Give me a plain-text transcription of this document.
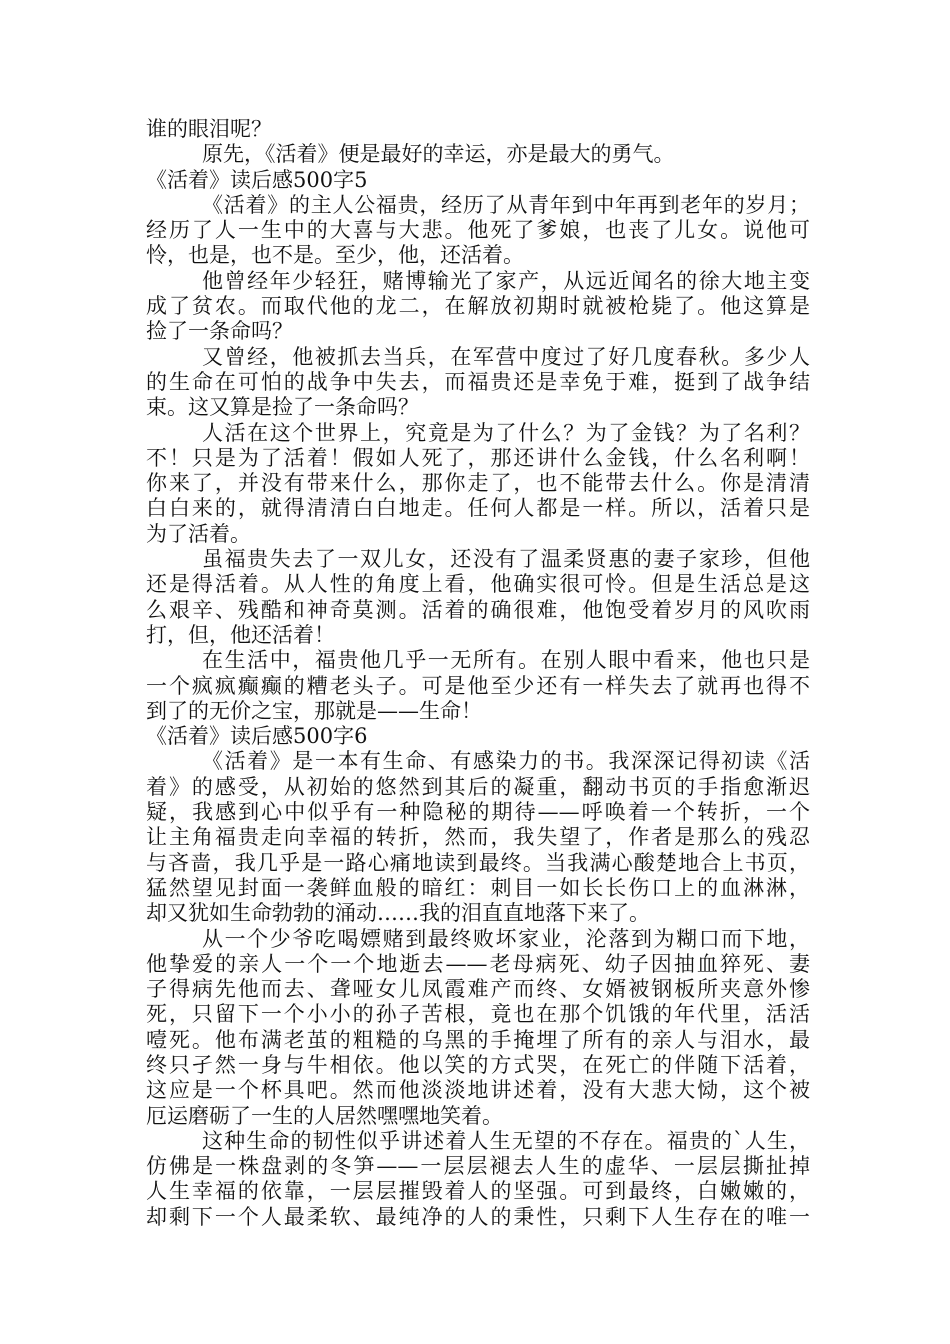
谁的眼泪呢？
原先，《活着》便是最好的幸运，亦是最大的勇气。
《活着》读后感500字5
《活着》的主人公福贵，经历了从青年到中年再到老年的岁月；
经历了人一生中的大喜与大悲。他死了爹娘，也丧了儿女。说他可
怜，也是，也不是。至少，他，还活着。
他曾经年少轻狂，赌博输光了家产，从远近闻名的徐大地主变
成了贫农。而取代他的龙二，在解放初期时就被枪毙了。他这算是
捡了一条命吗？
又曾经，他被抓去当兵，在军营中度过了好几度春秋。多少人
的生命在可怕的战争中失去，而福贵还是幸免于难，挺到了战争结
束。这又算是捡了一条命吗？
人活在这个世界上，究竟是为了什么？为了金钱？为了名利？
不！只是为了活着！假如人死了，那还讲什么金钱，什么名利啊！
你来了，并没有带来什么，那你走了，也不能带去什么。你是清清
白白来的，就得清清白白地走。任何人都是一样。所以，活着只是
为了活着。
虽福贵失去了一双儿女，还没有了温柔贤惠的妻子家珍，但他
还是得活着。从人性的角度上看，他确实很可怜。但是生活总是这
么艰辛、残酷和神奇莫测。活着的确很难，他饱受着岁月的风吹雨
打，但，他还活着！
在生活中，福贵他几乎一无所有。在别人眼中看来，他也只是
一个疯疯癫癫的糟老头子。可是他至少还有一样失去了就再也得不
到了的无价之宝，那就是——生命！
《活着》读后感500字6
《活着》是一本有生命、有感染力的书。我深深记得初读《活
着》的感受，从初始的悠然到其后的凝重，翻动书页的手指愈渐迟
疑，我感到心中似乎有一种隐秘的期待——呼唤着一个转折，一个
让主角福贵走向幸福的转折，然而，我失望了，作者是那么的残忍
与吝啬，我几乎是一路心痛地读到最终。当我满心酸楚地合上书页，
猛然望见封面一袭鲜血般的暗红：刺目一如长长伤口上的血淋淋，
却又犹如生命勃勃的涌动……我的泪直直地落下来了。
从一个少爷吃喝嫖赌到最终败坏家业，沦落到为糊口而下地，
他挚爱的亲人一个一个地逝去——老母病死、幼子因抽血猝死、妻
子得病先他而去、聋哑女儿凤霞难产而终、女婿被钢板所夹意外惨
死，只留下一个小小的孙子苦根，竟也在那个饥饿的年代里，活活
噎死。他布满老茧的粗糙的乌黑的手掩埋了所有的亲人与泪水，最
终只孑然一身与牛相依。他以笑的方式哭，在死亡的伴随下活着，
这应是一个杯具吧。然而他淡淡地讲述着，没有大悲大恸，这个被
厄运磨砺了一生的人居然嘿嘿地笑着。
这种生命的韧性似乎讲述着人生无望的不存在。福贵的`人生，
仿佛是一株盘剥的冬笋——一层层褪去人生的虚华、一层层撕扯掉
人生幸福的依靠，一层层摧毁着人的坚强。可到最终，白嫩嫩的，
却剩下一个人最柔软、最纯净的人的秉性，只剩下人生存在的唯一
